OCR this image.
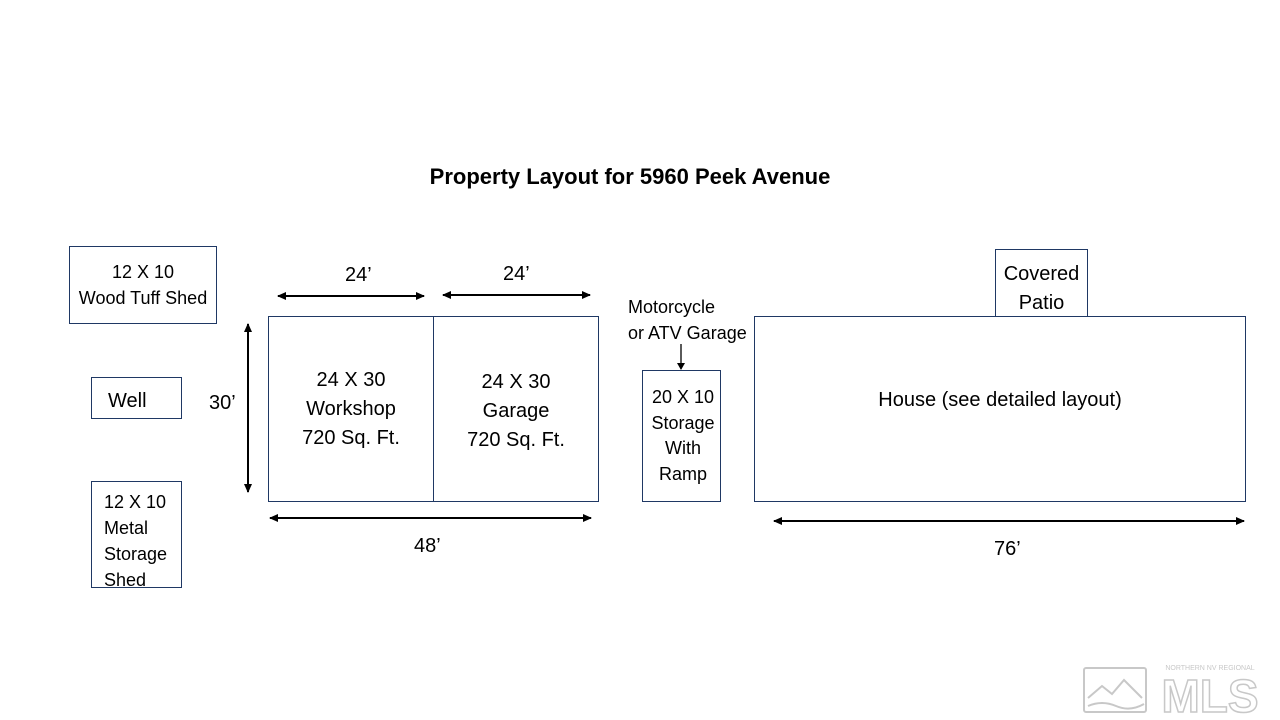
Property Layout for 5960 Peek Avenue
12 X 10
Wood Tuff Shed
Well
12 X 10
Metal
Storage
Shed
24 X 30
Workshop
720 Sq. Ft.
24 X 30
Garage
720 Sq. Ft.
24’	24’
30’
48’	76’
Motorcycle
or ATV Garage
20 X 10
Storage
With
Ramp
Covered
Patio
House (see detailed layout)
NORTHERN NV REGIONAL
MLS
